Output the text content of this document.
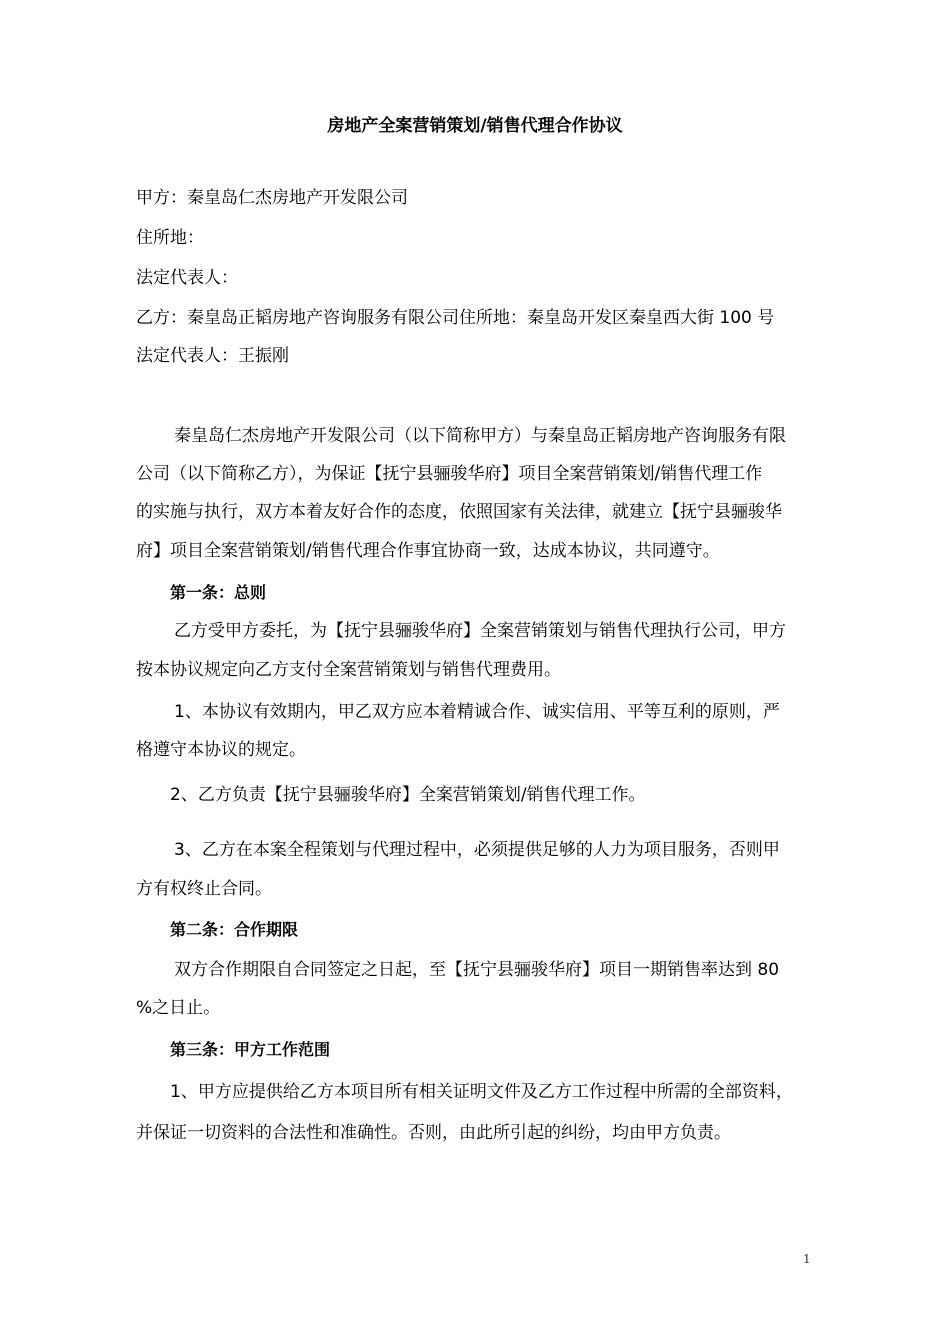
房地产全案营销策划/销售代理合作协议
甲方：秦皇岛仁杰房地产开发限公司
住所地：
法定代表人：
乙方：秦皇岛正韬房地产咨询服务有限公司住所地：秦皇岛开发区秦皇西大街 100 号
法定代表人：王振刚
秦皇岛仁杰房地产开发限公司（以下简称甲方）与秦皇岛正韬房地产咨询服务有限
公司（以下简称乙方），为保证【抚宁县骊骏华府】项目全案营销策划/销售代理工作
的实施与执行，双方本着友好合作的态度，依照国家有关法律，就建立【抚宁县骊骏华
府】项目全案营销策划/销售代理合作事宜协商一致，达成本协议，共同遵守。
第一条：总则
乙方受甲方委托，为【抚宁县骊骏华府】全案营销策划与销售代理执行公司，甲方
按本协议规定向乙方支付全案营销策划与销售代理费用。
1、本协议有效期内，甲乙双方应本着精诚合作、诚实信用、平等互利的原则，严
格遵守本协议的规定。
2、乙方负责【抚宁县骊骏华府】全案营销策划/销售代理工作。
3、乙方在本案全程策划与代理过程中，必须提供足够的人力为项目服务，否则甲
方有权终止合同。
第二条：合作期限
双方合作期限自合同签定之日起，至【抚宁县骊骏华府】项目一期销售率达到 80
%之日止。
第三条：甲方工作范围
1、甲方应提供给乙方本项目所有相关证明文件及乙方工作过程中所需的全部资料，
并保证一切资料的合法性和准确性。否则，由此所引起的纠纷，均由甲方负责。
1
